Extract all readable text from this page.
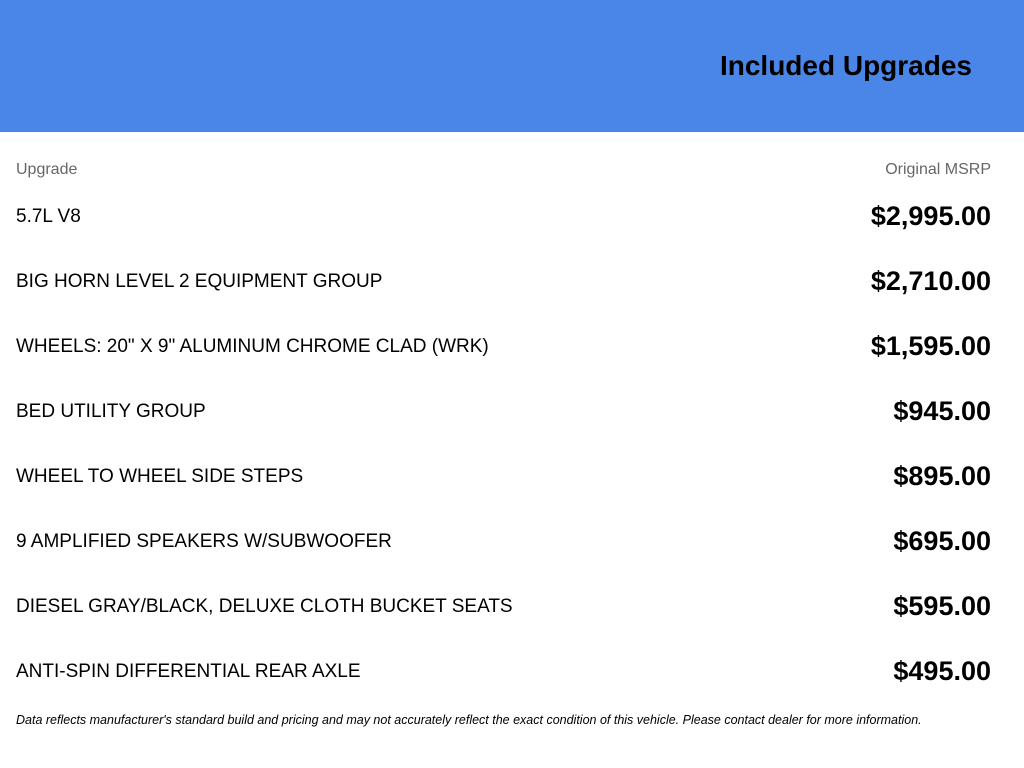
Included Upgrades
Upgrade	Original MSRP
5.7L V8	$2,995.00
BIG HORN LEVEL 2 EQUIPMENT GROUP	$2,710.00
WHEELS: 20" X 9" ALUMINUM CHROME CLAD (WRK)	$1,595.00
BED UTILITY GROUP	$945.00
WHEEL TO WHEEL SIDE STEPS	$895.00
9 AMPLIFIED SPEAKERS W/SUBWOOFER	$695.00
DIESEL GRAY/BLACK, DELUXE CLOTH BUCKET SEATS	$595.00
ANTI-SPIN DIFFERENTIAL REAR AXLE	$495.00
Data reflects manufacturer's standard build and pricing and may not accurately reflect the exact condition of this vehicle. Please contact dealer for more information.
